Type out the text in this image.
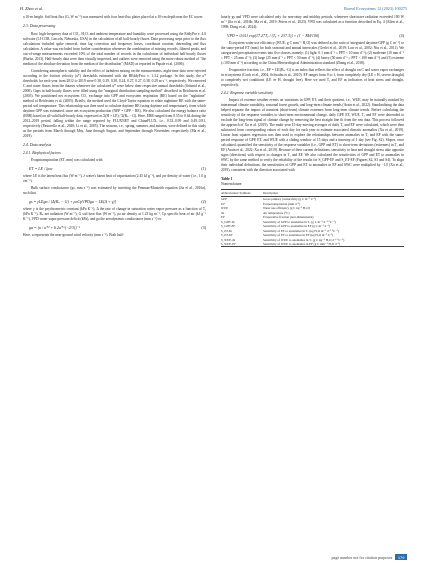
H. Zhao et al.	Boreal Ecosystems 12 (2023) 100275

a 10-m height. Soil heat flux (G, W m⁻²) was measured with four heat-flux plates placed at a 10-cm depth near the EC tower.

2.3. Data processing

Raw, high-frequency data of CO₂, H₂O, and ambient temperature and humidity were processed using the EddyPro v. 4.0 software (LI-COR, Lincoln, Nebraska, USA) in the calculation of all half-hourly fluxes. Data processing steps prior to the flux calculations included spike removal, time lag correction and frequency losses, coordinate rotation, detrending and flux calculation. A value was excluded from further consideration whenever the combination of missing records, filtered peaks, and out-of-range measurements exceeded 10% of the total number of records in the calculation of individual half-hourly fluxes (Burba, 2013). Half-hourly data were then visually inspected, and outliers were removed using the more robust method of "the median of the absolute deviation from the median of the distribution" (MAD) as reported in Papale et al. (2006).

Considering atmospheric stability and the effect of turbulent mixing on the measurements, night-time data were rejected according to the friction velocity (u*) thresholds estimated with the REddyProc v. 1.3.2 package. In this study, the u* thresholds for each year from 2012 to 2019 were 0.38, 0.29, 0.30, 0.24, 0.27, 0.27, 0.38, 0.29 m s⁻¹, respectively. We removed C and water fluxes from the dataset whenever the calculated u* were below their respective annual thresholds (Schmid et al., 2000). Gaps in half-hourly fluxes were filled using the "marginal distribution sampling method" described in Reichstein et al. (2005). We partitioned net ecosystem CO₂ exchange into GPP and ecosystem respiration (RE) based on the "nighttime" method of Reichstein et al. (2005). Briefly, the method used the Lloyd-Taylor equation to relate nighttime RE with the same-period soil temperature. This relationship was then used to calculate daytime RE (using daytime soil temperature), from which daytime GPP was estimated, since net ecosystem production (NEP = GPP − RE). We also calculated the energy balance ratio (EBR) based on all valid half-hourly data, expressed as Σ(H + LE) / Σ(Rₙ − G). Here, EBR ranged from 0.55 to 0.64 during the 2012–2019 period, falling within the range reported by FLUXNET and ChinaFLUX, i.e., 0.53–0.99 and 0.49–0.81, respectively (Pastorello et al., 2020; Li et al., 2005). The seasons, i.e., spring, summer, and autumn, were defined in this study as the periods from March through May, June through August, and September through November, respectively (Ma et al., 2019).

2.4. Data analysis
2.4.1. Biophysical factors

Evapotranspiration (ET, mm) was calculated with

ET = LE / λρw	(1)

where LE is the latent heat flux (W m⁻²), λ water's latent heat of vaporization (2.45 kJ g⁻¹), and ρw density of water (i.e., 1.0 g cm⁻³).

Bulk surface conductance (gs, mm s⁻¹) was estimated by inverting the Penman-Monteith equation (Jia et al., 2016a), such that

gs = γLEga / [Δ(Rₙ − G) + ρaCpVPDga − LE(Δ + γ)]	(2)

where γ is the psychrometric constant (kPa K⁻¹), Δ the rate of change in saturation water vapor pressure as a function of Tₐ (kPa K⁻¹), Rₙ net radiation (W m⁻²), G soil heat flux (W m⁻²), ρa air density at 1.23 kg m⁻³, Cp specific heat of air (kJ g⁻¹ K⁻¹), VPD water vapor pressure deficit (kPa), and ga the aerodynamic conductance (mm s⁻¹) or

ga = (u / u*² + 6.2u*^(−2/3))⁻¹	(3)

Here, u represents the near-ground wind velocity (mm s⁻¹). Both half-

hourly gs and VPD were calculated only for non-rainy and midday periods, whenever shortwave radiation exceeded 100 W m⁻² (Jia et al., 2016b; Ma et al., 2019; Peters et al., 2023). VPD was calculated as a function described in Eq. 4 (Allen et al., 1998; Dong et al., 2024):

VPD = 0.611 exp(17.27Tₐ / (Tₐ + 237.3)) × (1 − RH/100)	(4)

Ecosystem water use efficiency (WUE, g C mm⁻¹ H₂O) was defined as the ratio of integrated daytime GPP (g C m⁻²) to the same-period ET (mm) for both seasonal and annual timescales (Gerlei et al., 2019; Law et al., 2002; Niu et al., 2011). We categorized precipitation events into five classes, namely: (1) light: 0.1 mm d⁻¹ ≤ PPT < 10 mm d⁻¹); (2) moderate (10 mm d⁻¹ ≤ PPT < 25 mm d⁻¹); (3) large (25 mm d⁻¹ ≤ PPT < 50 mm d⁻¹); (4) heavy (50 mm d⁻¹ ≤ PPT < 100 mm d⁻¹) and (5) extreme (≥100 mm d⁻¹) according to the China Meteorological Administration standard (Zhang et al., 2018).

Evaporative fraction, i.e., EF = LE/(Rₙ−G) is an index that reflects the effect of drought on C and water vapor exchanges in ecosystems (Cook et al., 2004; Schwalm et al., 2010). EF ranges from 0 to 1, from completely dry (LE ≈ H, severe drought) to completely wet conditions (LE ≫ H, drought free). Here we used Tₐ and EF as indicators of heat stress and drought, respectively.

2.4.2. Response variable sensitivity

Impact of extreme weather events on variations in GPP, ET, and their quotient, i.e., WUE, may be naturally masked by interannual climate variability, seasonal forest growth, and long-term climate trends (Arain et al., 2022). Standardizing the data helped separate the impact of transient (short-term) climate extremes from long-term climate trends. Before calculating the sensitivity of the response variables to short-term environmental change, daily GPP, ET, WUE, Tₐ and EF were detrended to exclude the long-term signal of climate change by removing the best straight line fit from the raw data. This process followed the approach of Xu et al. (2019). The multi-year 15-day moving averages of daily Tₐ and EF were calculated, which were then subtracted from corresponding values of each day for each year to estimate associated climatic anomalies (Xu et al., 2019). Linear least squares regression was then used to explore the relationships between anomalies in Tₐ and EF with the same-period response of GPP, ET, and WUE with a sliding window of 15 days and a timestep of 1 day (see Fig. S2). Slopes, once calculated, quantified the sensitivity of the response variables (i.e., GPP and ET) to short-term deviations (extremes) in Tₐ and EF (Arain et al., 2022; Xu et al., 2019). Because of their current definitions, sensitivity to heat and drought stress take opposite signs (directions) with respect to changes in Tₐ and EF. We also calculated the sensitivities of GPP and ET to anomalies in SWC by the same method to verify the reliability of the results for S_GPP-EF and S_ET-EF (Figures S2, S3 and S4). To align their individual definitions, the sensitivities of GPP and ET to anomalies in EF and SWC were multiplied by −1.0 (Xu et al., 2019), consistent with the direction associated with

Table 1
Nomenclature.
Abbreviation/ Symbols	Description
GPP	Gross primary productivity (g C m⁻² d⁻¹)
ET	Evapotranspiration (mm d⁻¹)
WUE	Water use efficiency (g C kg⁻¹ H₂O)
Ta	Air temperature (°C)
EF	Evaporative fraction (non-dimensional)
S_GPP-Ta	Sensitivity of GPP to anomalies in Tₐ (g C m⁻² d⁻¹ °C⁻¹)
S_GPP-EF	Sensitivity of GPP to anomalies in EF (g C m⁻² d⁻¹)
S_ET-Ta	Sensitivity of ET to anomalies in Tₐ (kg H₂O m⁻² d⁻¹ °C⁻¹)
S_ET-EF	Sensitivity of ET to anomalies in EF (kg H₂O m⁻² d⁻¹)
S_WUE-Ta	Sensitivity of WUE to anomalies in Tₐ (g C kg⁻¹ H₂O d⁻¹ °C⁻¹)
S_WUE-EF	Sensitivity of WUE to anomalies in EF (g C mm⁻¹ H₂O d⁻¹)
page number not for citation purposes	179
